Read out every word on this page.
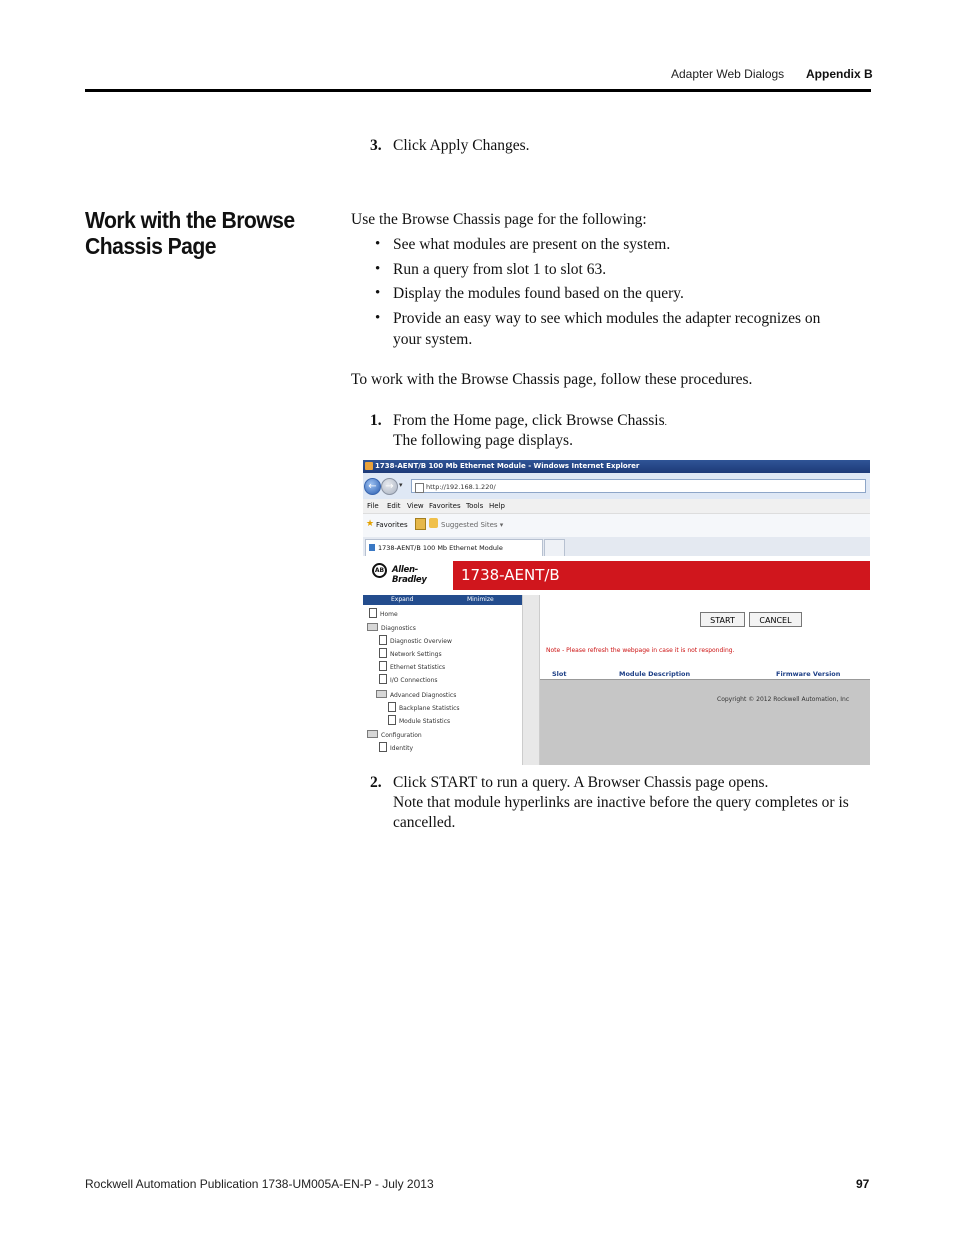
Adapter Web Dialogs Appendix B
3. Click Apply Changes.
Work with the Browse
Chassis Page
Use the Browse Chassis page for the following:
• See what modules are present on the system.
• Run a query from slot 1 to slot 63.
• Display the modules found based on the query.
• Provide an easy way to see which modules the adapter recognizes on
your system.
To work with the Browse Chassis page, follow these procedures.
1. From the Home page, click Browse Chassis.
The following page displays.
1738-AENT/B 100 Mb Ethernet Module - Windows Internet Explorer
← → ▾	http://192.168.1.220/
File Edit View Favorites Tools Help
★ Favorites	Suggested Sites ▾
1738-AENT/B 100 Mb Ethernet Module
AB Allen-Bradley	1738-AENT/B
Expand	Minimize
Home
Diagnostics
Diagnostic Overview
Network Settings
Ethernet Statistics
I/O Connections
Advanced Diagnostics
Backplane Statistics
Module Statistics
Configuration
Identity
START	CANCEL
Note - Please refresh the webpage in case it is not responding.
Slot	Module Description	Firmware Version
Copyright © 2012 Rockwell Automation, Inc
2. Click START to run a query. A Browser Chassis page opens.
Note that module hyperlinks are inactive before the query completes or is
cancelled.
Rockwell Automation Publication 1738-UM005A-EN-P - July 2013	97
